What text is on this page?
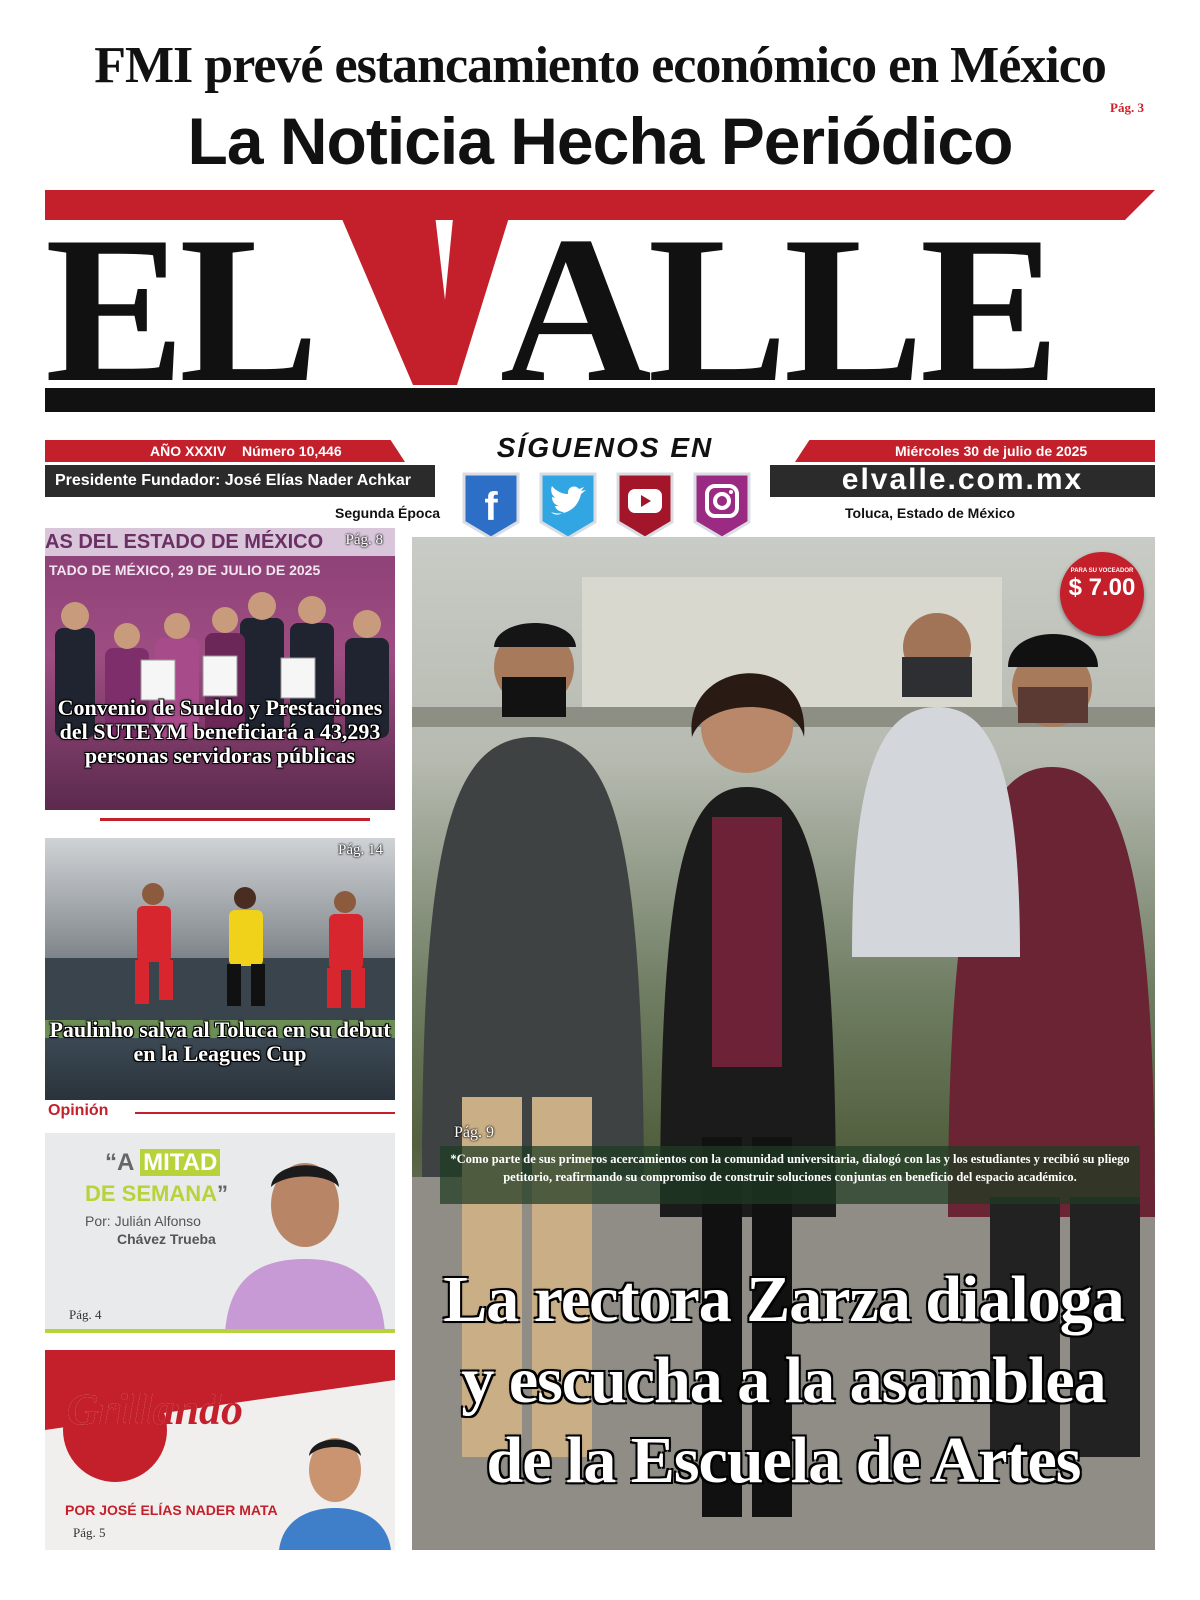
FMI prevé estancamiento económico en México
Pág. 3
La Noticia Hecha Periódico
EL ALLE
AÑO XXXIV Número 10,446	SÍGUENOS EN	Miércoles 30 de julio de 2025
Presidente Fundador: José Elías Nader Achkar	elvalle.com.mx
Segunda Época	Toluca, Estado de México
f
AS DEL ESTADO DE MÉXICO
TADO DE MÉXICO, 29 DE JULIO DE 2025
Pág. 8
Convenio de Sueldo y Prestaciones del SUTEYM beneficiará a 43,293 personas servidoras públicas
Pág. 14
Paulinho salva al Toluca en su debut en la Leagues Cup
Opinión
“A MITAD
DE SEMANA”
Por: Julián Alfonso
Chávez Trueba
Pág. 4
Grillando
POR JOSÉ ELÍAS NADER MATA
Pág. 5
Pág. 9
*Como parte de sus primeros acercamientos con la comunidad universitaria, dialogó con las y los estudiantes y recibió su pliego petitorio, reafirmando su compromiso de construir soluciones conjuntas en beneficio del espacio académico.
La rectora Zarza dialoga
y escucha a la asamblea
de la Escuela de Artes
PARA SU VOCEADOR
$ 7.00
